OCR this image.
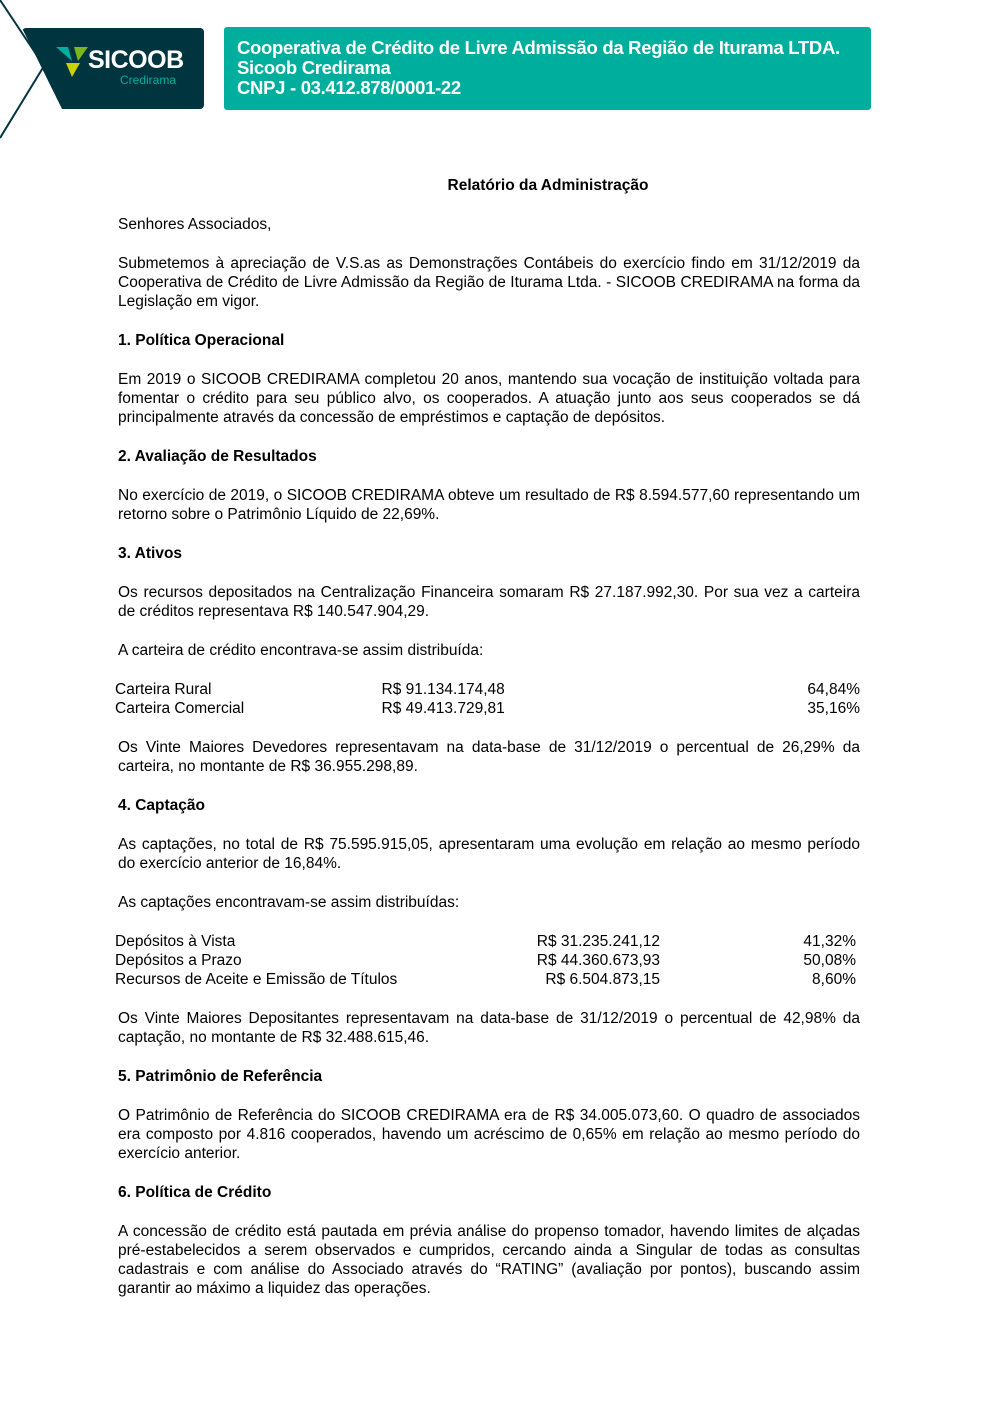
SICOOB
Credirama
Cooperativa de Crédito de Livre Admissão da Região de Iturama LTDA.
Sicoob Credirama
CNPJ - 03.412.878/0001-22
Relatório da Administração

Senhores Associados,

Submetemos à apreciação de V.S.as as Demonstrações Contábeis do exercício findo em 31/12/2019 da Cooperativa de Crédito de Livre Admissão da Região de Iturama Ltda. - SICOOB CREDIRAMA na forma da Legislação em vigor.

1. Política Operacional

Em 2019 o SICOOB CREDIRAMA completou 20 anos, mantendo sua vocação de instituição voltada para fomentar o crédito para seu público alvo, os cooperados. A atuação junto aos seus cooperados se dá principalmente através da concessão de empréstimos e captação de depósitos.

2. Avaliação de Resultados

No exercício de 2019, o SICOOB CREDIRAMA obteve um resultado de R$ 8.594.577,60 representando um retorno sobre o Patrimônio Líquido de 22,69%.

3. Ativos

Os recursos depositados na Centralização Financeira somaram R$ 27.187.992,30. Por sua vez a carteira de créditos representava R$ 140.547.904,29.

A carteira de crédito encontrava-se assim distribuída:

Carteira Rural	R$ 91.134.174,48	64,84%
Carteira Comercial	R$ 49.413.729,81	35,16%

Os Vinte Maiores Devedores representavam na data-base de 31/12/2019 o percentual de 26,29% da carteira, no montante de R$ 36.955.298,89.

4. Captação

As captações, no total de R$ 75.595.915,05, apresentaram uma evolução em relação ao mesmo período do exercício anterior de 16,84%.

As captações encontravam-se assim distribuídas:

Depósitos à Vista	R$ 31.235.241,12	41,32%
Depósitos a Prazo	R$ 44.360.673,93	50,08%
Recursos de Aceite e Emissão de Títulos	R$ 6.504.873,15	8,60%

Os Vinte Maiores Depositantes representavam na data-base de 31/12/2019 o percentual de 42,98% da captação, no montante de R$ 32.488.615,46.

5. Patrimônio de Referência

O Patrimônio de Referência do SICOOB CREDIRAMA era de R$ 34.005.073,60. O quadro de associados era composto por 4.816 cooperados, havendo um acréscimo de 0,65% em relação ao mesmo período do exercício anterior.

6. Política de Crédito

A concessão de crédito está pautada em prévia análise do propenso tomador, havendo limites de alçadas pré-estabelecidos a serem observados e cumpridos, cercando ainda a Singular de todas as consultas cadastrais e com análise do Associado através do “RATING” (avaliação por pontos), buscando assim garantir ao máximo a liquidez das operações.
